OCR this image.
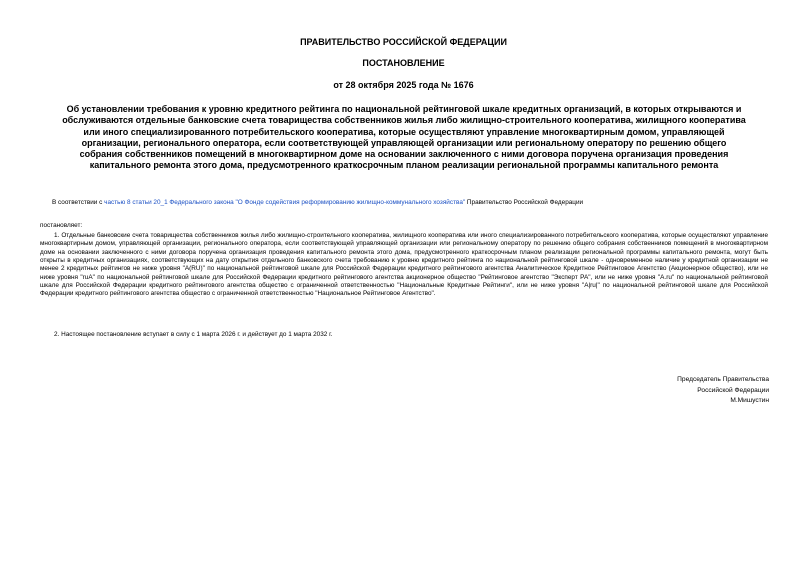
ПРАВИТЕЛЬСТВО РОССИЙСКОЙ ФЕДЕРАЦИИ
ПОСТАНОВЛЕНИЕ
от 28 октября 2025 года № 1676
Об установлении требования к уровню кредитного рейтинга по национальной рейтинговой шкале кредитных организаций, в которых открываются и обслуживаются отдельные банковские счета товарищества собственников жилья либо жилищно-строительного кооператива, жилищного кооператива или иного специализированного потребительского кооператива, которые осуществляют управление многоквартирным домом, управляющей организации, регионального оператора, если соответствующей управляющей организации или региональному оператору по решению общего собрания собственников помещений в многоквартирном доме на основании заключенного с ними договора поручена организация проведения капитального ремонта этого дома, предусмотренного краткосрочным планом реализации региональной программы капитального ремонта
В соответствии с частью 8 статьи 20_1 Федерального закона "О Фонде содействия реформированию жилищно-коммунального хозяйства" Правительство Российской Федерации
постановляет:
1. Отдельные банковские счета товарищества собственников жилья либо жилищно-строительного кооператива, жилищного кооператива или иного специализированного потребительского кооператива, которые осуществляют управление многоквартирным домом, управляющей организации, регионального оператора, если соответствующей управляющей организации или региональному оператору по решению общего собрания собственников помещений в многоквартирном доме на основании заключенного с ними договора поручена организация проведения капитального ремонта этого дома, предусмотренного краткосрочным планом реализации региональной программы капитального ремонта, могут быть открыты в кредитных организациях, соответствующих на дату открытия отдельного банковского счета требованию к уровню кредитного рейтинга по национальной рейтинговой шкале - одновременное наличие у кредитной организации не менее 2 кредитных рейтингов не ниже уровня "A(RU)" по национальной рейтинговой шкале для Российской Федерации кредитного рейтингового агентства Аналитическое Кредитное Рейтинговое Агентство (Акционерное общество), или не ниже уровня "ruA" по национальной рейтинговой шкале для Российской Федерации кредитного рейтингового агентства акционерное общество "Рейтинговое агентство "Эксперт РА", или не ниже уровня "A.ru" по национальной рейтинговой шкале для Российской Федерации кредитного рейтингового агентства общество с ограниченной ответственностью "Национальные Кредитные Рейтинги", или не ниже уровня "A|ru|" по национальной рейтинговой шкале для Российской Федерации кредитного рейтингового агентства общество с ограниченной ответственностью "Национальное Рейтинговое Агентство".
2. Настоящее постановление вступает в силу с 1 марта 2026 г. и действует до 1 марта 2032 г.
Председатель Правительства
Российской Федерации
М.Мишустин
